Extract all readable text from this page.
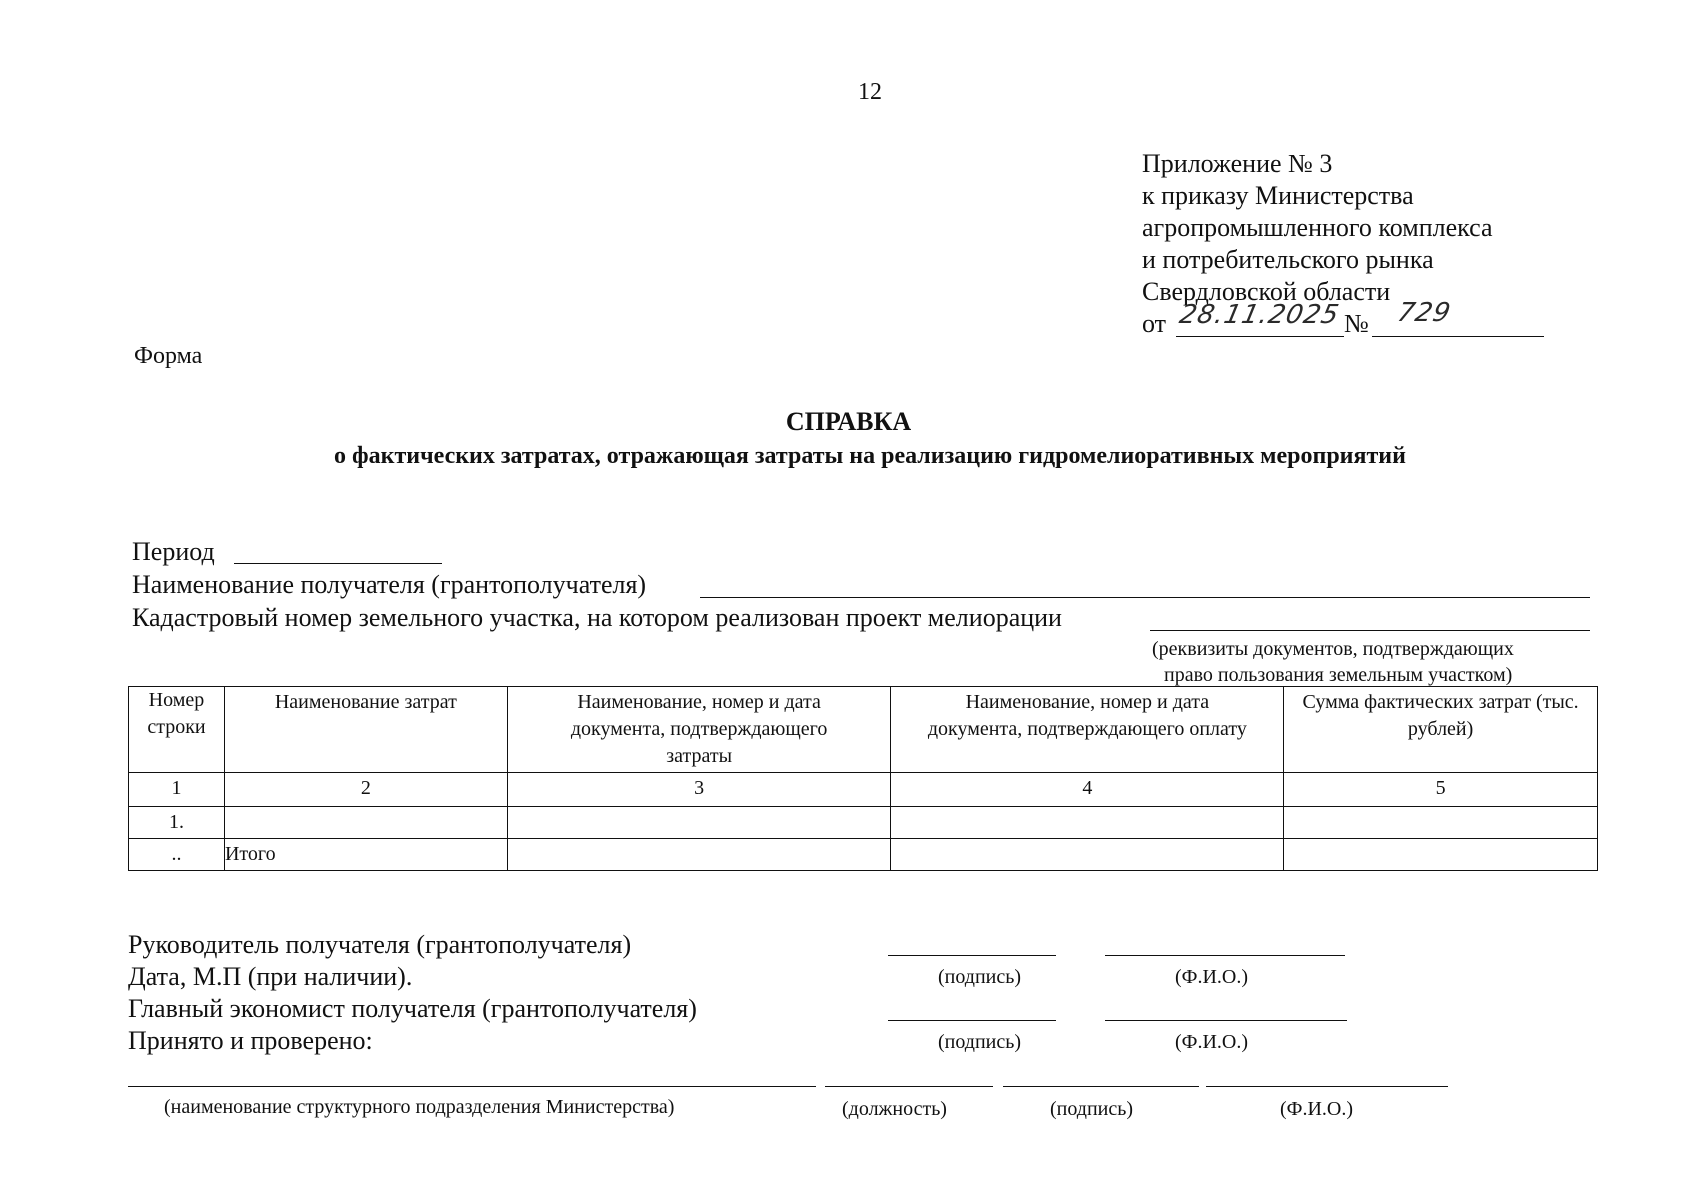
12
Приложение № 3
к приказу Министерства
агропромышленного комплекса
и потребительского рынка
Свердловской области
от 28.11.2025 № 729
Форма
СПРАВКА
о фактических затратах, отражающая затраты на реализацию гидромелиоративных мероприятий
Период
Наименование получателя (грантополучателя)
Кадастровый номер земельного участка, на котором реализован проект мелиорации
(реквизиты документов, подтверждающих
право пользования земельным участком)
Номер строки	Наименование затрат	Наименование, номер и дата документа, подтверждающего затраты	Наименование, номер и дата документа, подтверждающего оплату	Сумма фактических затрат (тыс. рублей)
1	2	3	4	5
1.				
..	Итого			
Руководитель получателя (грантополучателя)
Дата, М.П (при наличии).	(подпись)	(Ф.И.О.)
Главный экономист получателя (грантополучателя)
Принято и проверено:	(подпись)	(Ф.И.О.)
(наименование структурного подразделения Министерства)	(должность)	(подпись)	(Ф.И.О.)
